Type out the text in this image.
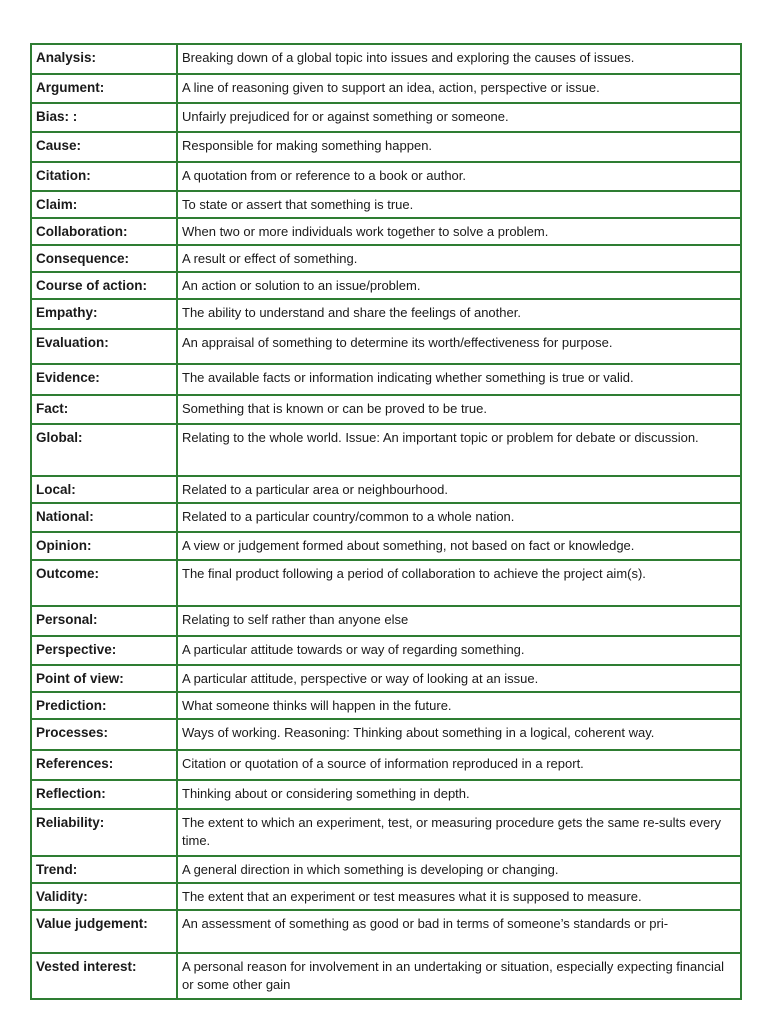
Analysis:	Breaking down of a global topic into issues and exploring the causes of issues.
Argument:	A line of reasoning given to support an idea, action, perspective or issue.
Bias: :	Unfairly prejudiced for or against something or someone.
Cause:	Responsible for making something happen.
Citation:	A quotation from or reference to a book or author.
Claim:	To state or assert that something is true.
Collaboration:	When two or more individuals work together to solve a problem.
Consequence:	A result or effect of something.
Course of action:	An action or solution to an issue/problem.
Empathy:	The ability to understand and share the feelings of another.
Evaluation:	An appraisal of something to determine its worth/effectiveness for purpose.
Evidence:	The available facts or information indicating whether something is true or valid.
Fact:	Something that is known or can be proved to be true.
Global:	Relating to the whole world. Issue: An important topic or problem for debate or discussion.
Local:	Related to a particular area or neighbourhood.
National:	Related to a particular country/common to a whole nation.
Opinion:	A view or judgement formed about something, not based on fact or knowledge.
Outcome:	The final product following a period of collaboration to achieve the project aim(s).
Personal:	Relating to self rather than anyone else
Perspective:	A particular attitude towards or way of regarding something.
Point of view:	A particular attitude, perspective or way of looking at an issue.
Prediction:	What someone thinks will happen in the future.
Processes:	Ways of working. Reasoning: Thinking about something in a logical, coherent way.
References:	Citation or quotation of a source of information reproduced in a report.
Reflection:	Thinking about or considering something in depth.
Reliability:	The extent to which an experiment, test, or measuring procedure gets the same re-sults every time.
Trend:	A general direction in which something is developing or changing.
Validity:	The extent that an experiment or test measures what it is supposed to measure.
Value judgement:	An assessment of something as good or bad in terms of someone’s standards or pri-
Vested interest:	A personal reason for involvement in an undertaking or situation, especially expecting financial or some other gain
